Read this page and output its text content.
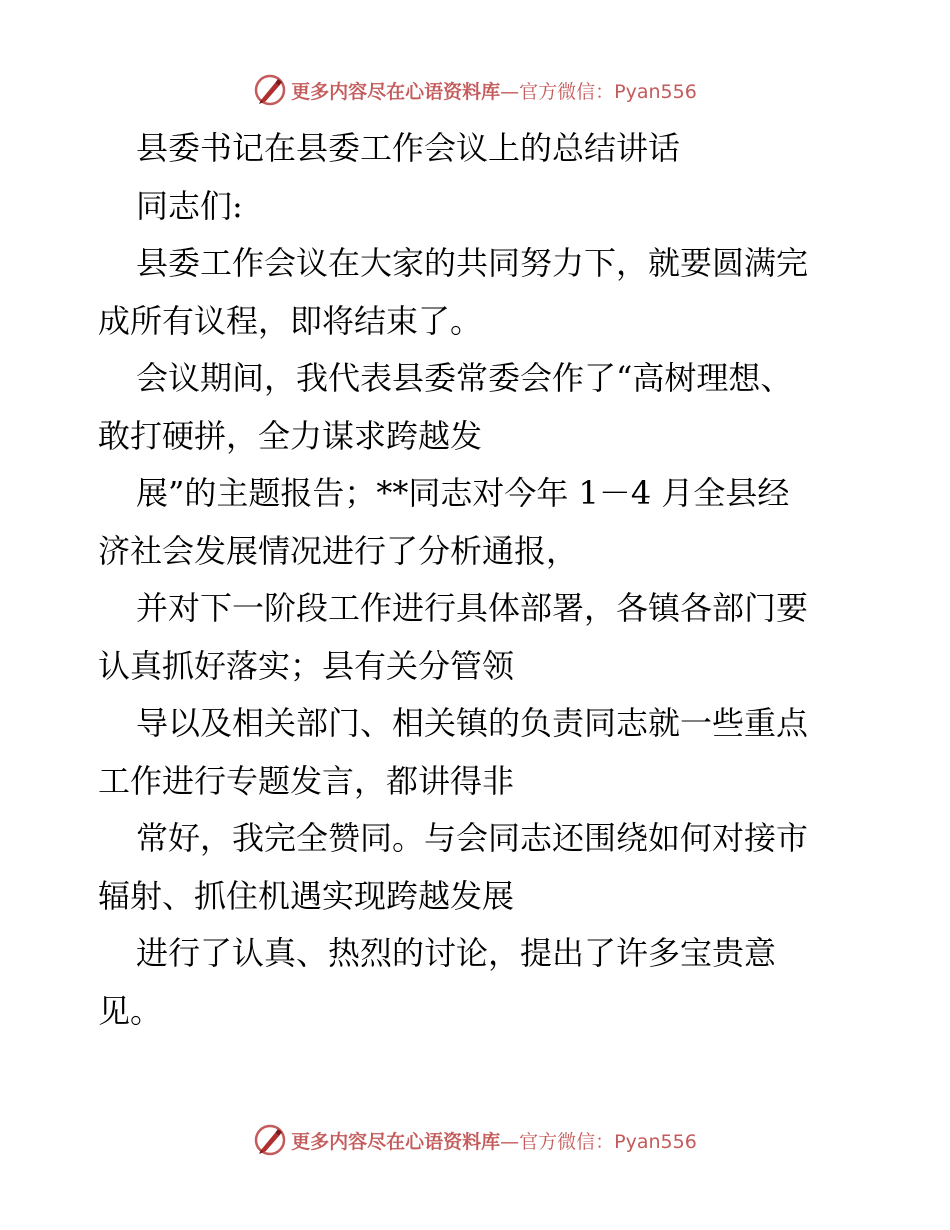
更多内容尽在心语资料库 —官方微信：Pyan556
县委书记在县委工作会议上的总结讲话
同志们:
县委工作会议在大家的共同努力下，就要圆满完
成所有议程，即将结束了。
会议期间，我代表县委常委会作了“高树理想、
敢打硬拼，全力谋求跨越发
展”的主题报告；**同志对今年 1－4 月全县经
济社会发展情况进行了分析通报，
并对下一阶段工作进行具体部署，各镇各部门要
认真抓好落实；县有关分管领
导以及相关部门、相关镇的负责同志就一些重点
工作进行专题发言，都讲得非
常好，我完全赞同。与会同志还围绕如何对接市
辐射、抓住机遇实现跨越发展
进行了认真、热烈的讨论，提出了许多宝贵意
见。
更多内容尽在心语资料库 —官方微信：Pyan556
